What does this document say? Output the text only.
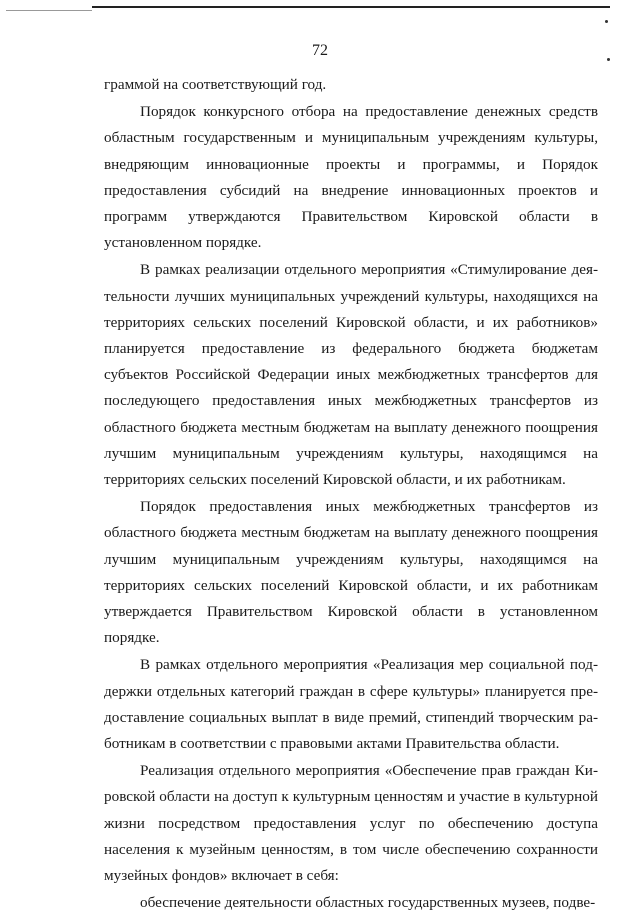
72

граммой на соответствующий год.

Порядок конкурсного отбора на предоставление денежных средств областным государственным и муниципальным учреждениям культуры, внедряющим инновационные проекты и программы, и Порядок предоставления субсидий на внедрение инновационных проектов и программ утверждаются Правительством Кировской области в установленном порядке.

В рамках реализации отдельного мероприятия «Стимулирование деятельности лучших муниципальных учреждений культуры, находящихся на территориях сельских поселений Кировской области, и их работников» планируется предоставление из федерального бюджета бюджетам субъектов Российской Федерации иных межбюджетных трансфертов для последующего предоставления иных межбюджетных трансфертов из областного бюджета местным бюджетам на выплату денежного поощрения лучшим муниципальным учреждениям культуры, находящимся на территориях сельских поселений Кировской области, и их работникам.

Порядок предоставления иных межбюджетных трансфертов из областного бюджета местным бюджетам на выплату денежного поощрения лучшим муниципальным учреждениям культуры, находящимся на территориях сельских поселений Кировской области, и их работникам утверждается Правительством Кировской области в установленном порядке.

В рамках отдельного мероприятия «Реализация мер социальной поддержки отдельных категорий граждан в сфере культуры» планируется предоставление социальных выплат в виде премий, стипендий творческим работникам в соответствии с правовыми актами Правительства области.

Реализация отдельного мероприятия «Обеспечение прав граждан Кировской области на доступ к культурным ценностям и участие в культурной жизни посредством предоставления услуг по обеспечению доступа населения к музейным ценностям, в том числе обеспечению сохранности музейных фондов» включает в себя:

обеспечение деятельности областных государственных музеев, подве-
